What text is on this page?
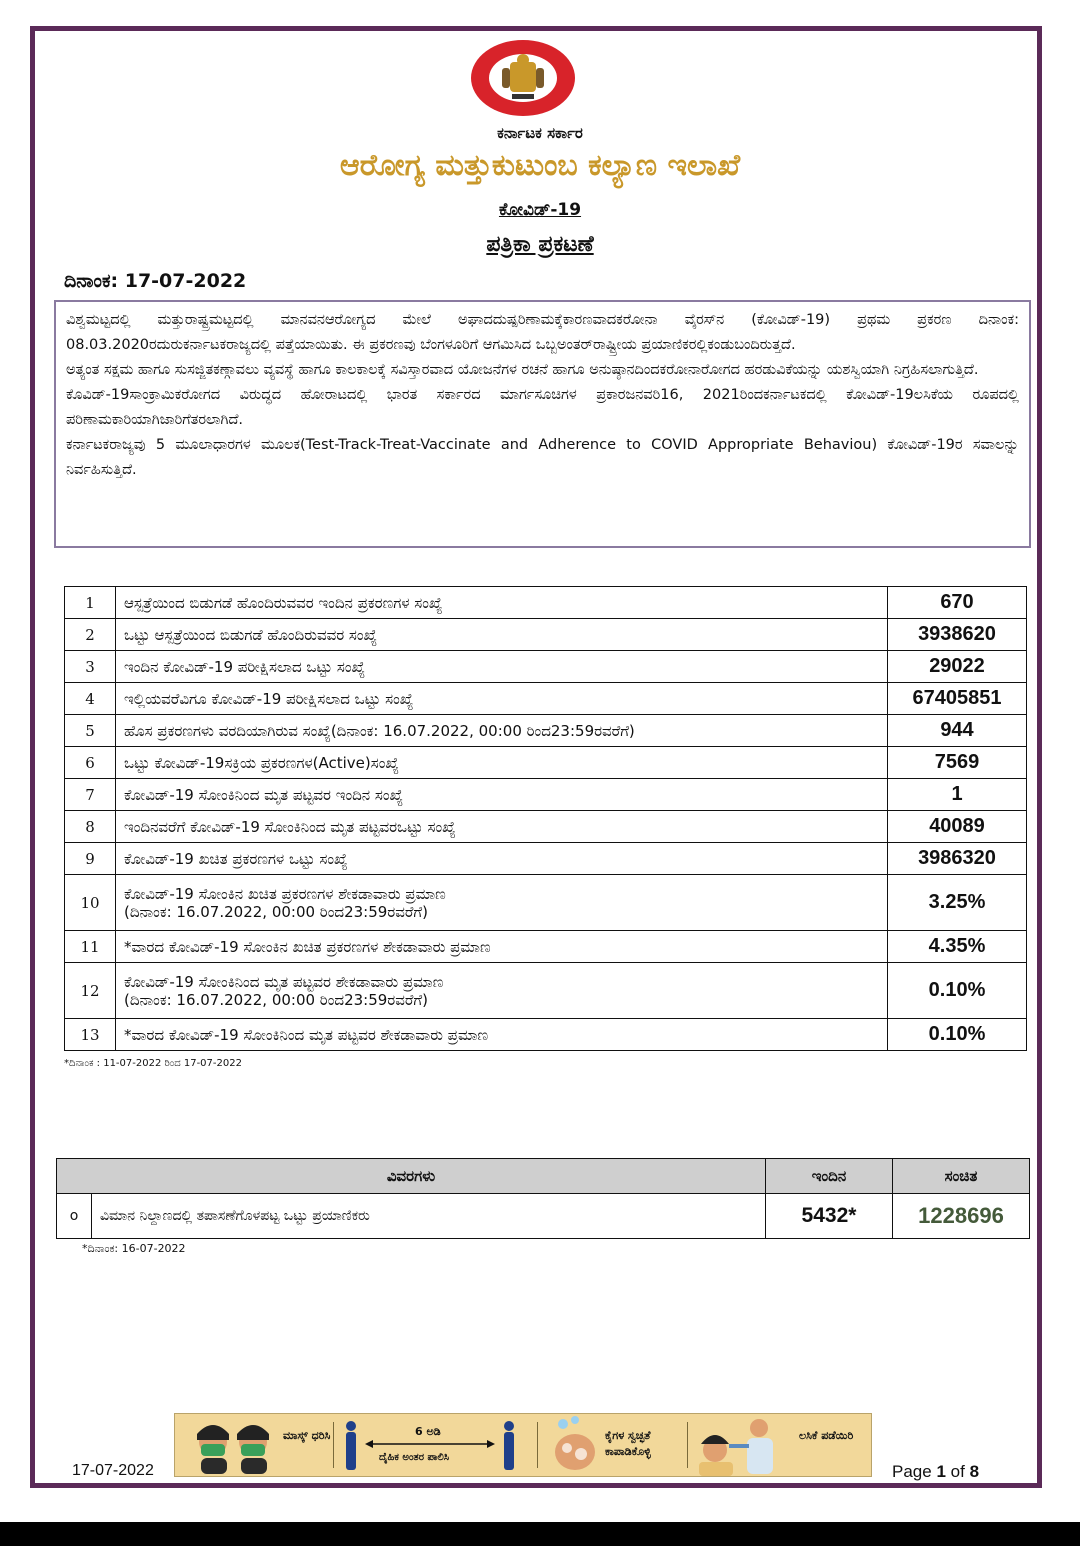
ಕರ್ನಾಟಕ ಸರ್ಕಾರ
ಆರೋಗ್ಯ ಮತ್ತುಕುಟುಂಬ ಕಲ್ಯಾಣ ಇಲಾಖೆ
ಕೋವಿಡ್-19
ಪತ್ರಿಕಾ ಪ್ರಕಟಣೆ
ದಿನಾಂಕ: 17-07-2022

ವಿಶ್ವಮಟ್ಟದಲ್ಲಿ ಮತ್ತುರಾಷ್ಟ್ರಮಟ್ಟದಲ್ಲಿ ಮಾನವನಆರೋಗ್ಯದ ಮೇಲೆ ಅಘಾದದುಷ್ಪರಿಣಾಮಕ್ಕೆಕಾರಣವಾದಕರೋನಾ ವೈರಸ್‌ನ (ಕೋವಿಡ್-19) ಪ್ರಥಮ ಪ್ರಕರಣ ದಿನಾಂಕ: 08.03.2020ರದುರುಕರ್ನಾಟಕರಾಜ್ಯದಲ್ಲಿ ಪತ್ತೆಯಾಯಿತು. ಈ ಪ್ರಕರಣವು ಬೆಂಗಳೂರಿಗೆ ಆಗಮಿಸಿದ ಒಬ್ಬಅಂತರ್‌ರಾಷ್ಟ್ರೀಯ ಪ್ರಯಾಣಿಕರಲ್ಲಿಕಂಡುಬಂದಿರುತ್ತದೆ.

ಅತ್ಯಂತ ಸಕ್ಷಮ ಹಾಗೂ ಸುಸಜ್ಜಿತಕಣ್ಗಾವಲು ವ್ಯವಸ್ಥೆ ಹಾಗೂ ಕಾಲಕಾಲಕ್ಕೆ ಸವಿಸ್ತಾರವಾದ ಯೋಜನೆಗಳ ರಚನೆ ಹಾಗೂ ಅನುಷ್ಠಾನದಿಂದಕರೋನಾರೋಗದ ಹರಡುವಿಕೆಯನ್ನು ಯಶಸ್ವಿಯಾಗಿ ನಿಗ್ರಹಿಸಲಾಗುತ್ತಿದೆ.

ಕೊವಿಡ್-19ಸಾಂಕ್ರಾಮಿಕರೋಗದ ವಿರುದ್ಧದ ಹೋರಾಟದಲ್ಲಿ ಭಾರತ ಸರ್ಕಾರದ ಮಾರ್ಗಸೂಚಿಗಳ ಪ್ರಕಾರಜನವರಿ16, 2021ರಿಂದಕರ್ನಾಟಕದಲ್ಲಿ ಕೋವಿಡ್-19ಲಸಿಕೆಯ ರೂಪದಲ್ಲಿ ಪರಿಣಾಮಕಾರಿಯಾಗಿಜಾರಿಗೆತರಲಾಗಿದೆ.

ಕರ್ನಾಟಕರಾಜ್ಯವು 5 ಮೂಲಾಧಾರಗಳ ಮೂಲಕ(Test-Track-Treat-Vaccinate and Adherence to COVID Appropriate Behaviou) ಕೋವಿಡ್-19ರ ಸವಾಲನ್ನು ನಿರ್ವಹಿಸುತ್ತಿದೆ.

1	ಆಸ್ಪತ್ರೆಯಿಂದ ಬಿಡುಗಡೆ ಹೊಂದಿರುವವರ ಇಂದಿನ ಪ್ರಕರಣಗಳ ಸಂಖ್ಯೆ	670
2	ಒಟ್ಟು ಆಸ್ಪತ್ರೆಯಿಂದ ಬಿಡುಗಡೆ ಹೊಂದಿರುವವರ ಸಂಖ್ಯೆ	3938620
3	ಇಂದಿನ ಕೋವಿಡ್-19 ಪರೀಕ್ಷಿಸಲಾದ ಒಟ್ಟು ಸಂಖ್ಯೆ	29022
4	ಇಲ್ಲಿಯವರೆವಿಗೂ ಕೋವಿಡ್-19 ಪರೀಕ್ಷಿಸಲಾದ ಒಟ್ಟು ಸಂಖ್ಯೆ	67405851
5	ಹೊಸ ಪ್ರಕರಣಗಳು ವರದಿಯಾಗಿರುವ ಸಂಖ್ಯೆ(ದಿನಾಂಕ: 16.07.2022, 00:00 ರಿಂದ23:59ರವರೆಗೆ)	944
6	ಒಟ್ಟು ಕೋವಿಡ್-19ಸಕ್ರಿಯ ಪ್ರಕರಣಗಳ(Active)ಸಂಖ್ಯೆ	7569
7	ಕೋವಿಡ್-19 ಸೋಂಕಿನಿಂದ ಮೃತ ಪಟ್ಟವರ ಇಂದಿನ ಸಂಖ್ಯೆ	1
8	ಇಂದಿನವರೆಗೆ ಕೋವಿಡ್-19 ಸೋಂಕಿನಿಂದ ಮೃತ ಪಟ್ಟವರಒಟ್ಟು ಸಂಖ್ಯೆ	40089
9	ಕೋವಿಡ್-19 ಖಚಿತ ಪ್ರಕರಣಗಳ ಒಟ್ಟು ಸಂಖ್ಯೆ	3986320
10	ಕೋವಿಡ್-19 ಸೋಂಕಿನ ಖಚಿತ ಪ್ರಕರಣಗಳ ಶೇಕಡಾವಾರು ಪ್ರಮಾಣ
(ದಿನಾಂಕ: 16.07.2022, 00:00 ರಿಂದ23:59ರವರೆಗೆ)	3.25%
11	*ವಾರದ ಕೋವಿಡ್-19 ಸೋಂಕಿನ ಖಚಿತ ಪ್ರಕರಣಗಳ ಶೇಕಡಾವಾರು ಪ್ರಮಾಣ	4.35%
12	ಕೋವಿಡ್-19 ಸೋಂಕಿನಿಂದ ಮೃತ ಪಟ್ಟವರ ಶೇಕಡಾವಾರು ಪ್ರಮಾಣ
(ದಿನಾಂಕ: 16.07.2022, 00:00 ರಿಂದ23:59ರವರೆಗೆ)	0.10%
13	*ವಾರದ ಕೋವಿಡ್-19 ಸೋಂಕಿನಿಂದ ಮೃತ ಪಟ್ಟವರ ಶೇಕಡಾವಾರು ಪ್ರಮಾಣ	0.10%
*ದಿನಾಂಕ : 11-07-2022 ರಿಂದ 17-07-2022
ವಿವರಗಳು		ಇಂದಿನ	ಸಂಚಿತ
o	ವಿಮಾನ ನಿಲ್ದಾಣದಲ್ಲಿ ತಪಾಸಣೆಗೊಳಪಟ್ಟ ಒಟ್ಟು ಪ್ರಯಾಣಿಕರು	5432*	1228696
*ದಿನಾಂಕ: 16-07-2022
ಮಾಸ್ಕ್ ಧರಿಸಿ	6 ಅಡಿ
ದೈಹಿಕ ಅಂತರ ಪಾಲಿಸಿ
ಕೈಗಳ ಸ್ವಚ್ಛತೆ ಕಾಪಾಡಿಕೊಳ್ಳಿ
ಲಸಿಕೆ ಪಡೆಯಿರಿ
17-07-2022	Page 1 of 8
